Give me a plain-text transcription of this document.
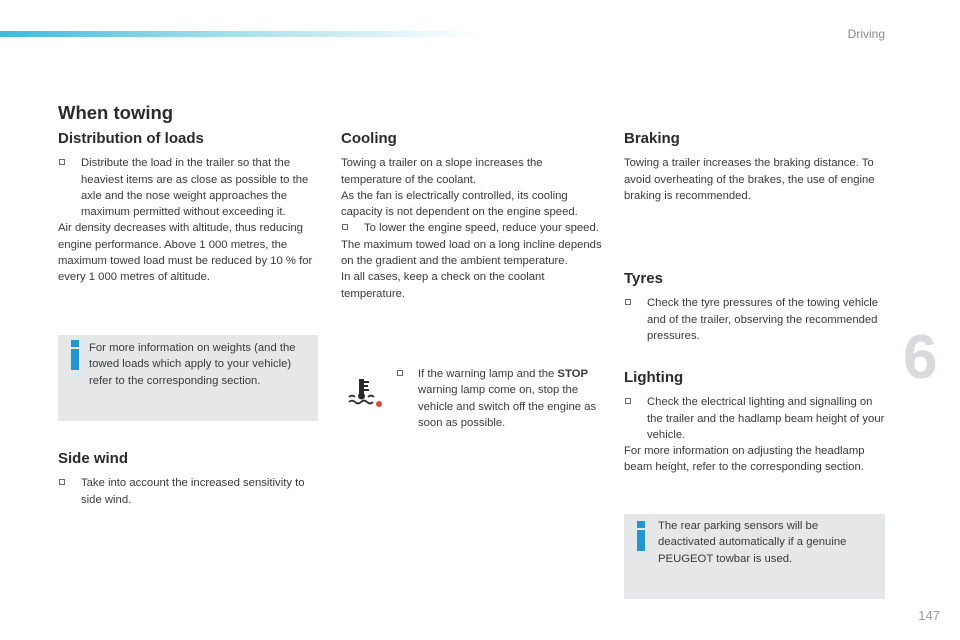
Driving
6
147
When towing
Distribution of loads
Distribute the load in the trailer so that the heaviest items are as close as possible to the axle and the nose weight approaches the maximum permitted without exceeding it.

Air density decreases with altitude, thus reducing engine performance. Above 1 000 metres, the maximum towed load must be reduced by 10 % for every 1 000 metres of altitude.

For more information on weights (and the towed loads which apply to your vehicle) refer to the corresponding section.
Side wind
Take into account the increased sensitivity to side wind.
Cooling

Towing a trailer on a slope increases the temperature of the coolant.

As the fan is electrically controlled, its cooling capacity is not dependent on the engine speed.

To lower the engine speed, reduce your speed.

The maximum towed load on a long incline depends on the gradient and the ambient temperature.

In all cases, keep a check on the coolant temperature.

If the warning lamp and the STOP warning lamp come on, stop the vehicle and switch off the engine as soon as possible.
Braking

Towing a trailer increases the braking distance. To avoid overheating of the brakes, the use of engine braking is recommended.

Tyres
Check the tyre pressures of the towing vehicle and of the trailer, observing the recommended pressures.
Lighting
Check the electrical lighting and signalling on the trailer and the hadlamp beam height of your vehicle.

For more information on adjusting the headlamp beam height, refer to the corresponding section.

The rear parking sensors will be deactivated automatically if a genuine PEUGEOT towbar is used.
